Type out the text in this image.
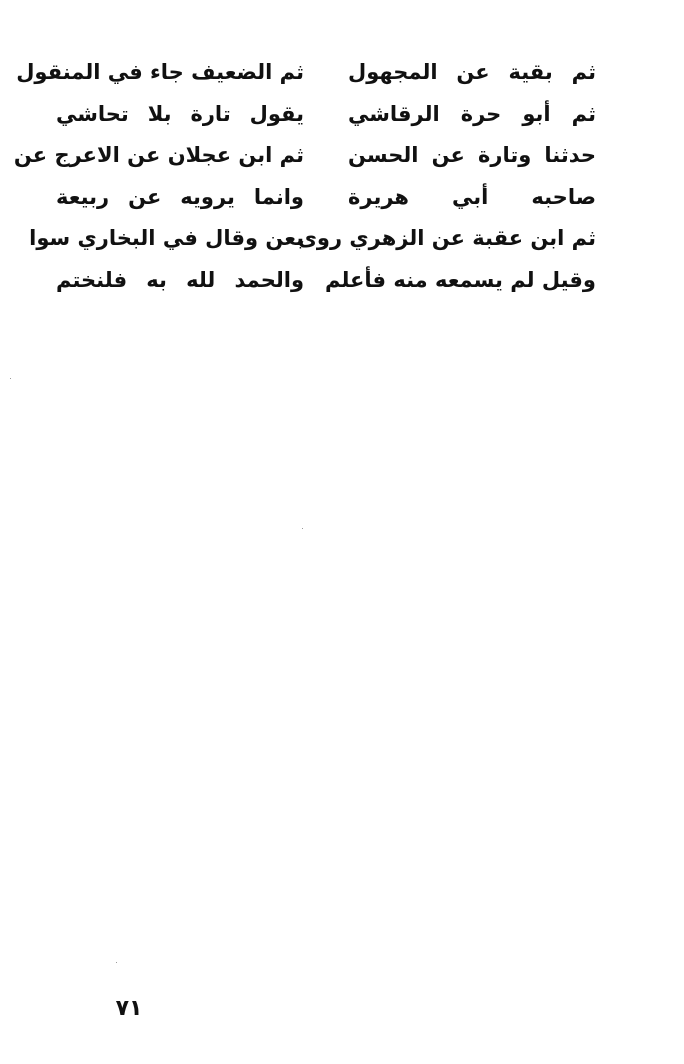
ثم بقية عن المجهول
ثم الضعيف جاء في المنقول
ثم أبو حرة الرقاشي
يقول تارة بلا تحاشي
حدثنا وتارة عن الحسن
ثم ابن عجلان عن الاعرج عن
صاحبه أبي هريرة
وانما يرويه عن ربيعة
ثم ابن عقبة عن الزهري روى
بعن وقال في البخاري سوا
وقيل لم يسمعه منه فأعلم
والحمد لله به فلنختم
٧١
